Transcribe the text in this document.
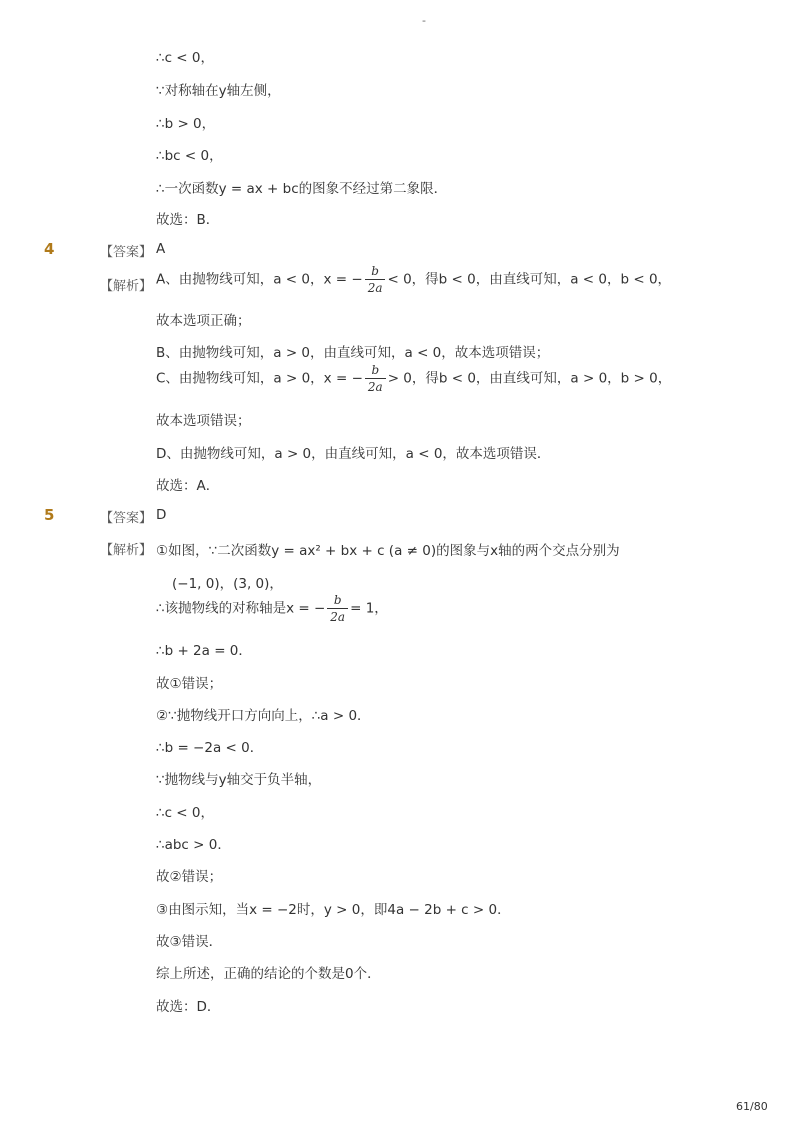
-
∴c < 0，
∵对称轴在y轴左侧，
∴b > 0，
∴bc < 0，
∴一次函数y = ax + bc的图象不经过第二象限．
故选：B．
4	【答案】 A
【解析】 A、由抛物线可知，a < 0，x = − $\frac{b}{2a} < 0$，得b < 0，由直线可知，a < 0，b < 0，
故本选项正确；
B、由抛物线可知，a > 0，由直线可知，a < 0，故本选项错误；
C、由抛物线可知，a > 0，x = − $\frac{b}{2a} > 0$，得b < 0，由直线可知，a > 0，b > 0，
故本选项错误；
D、由抛物线可知，a > 0，由直线可知，a < 0，故本选项错误．
故选：A．
5	【答案】 D
【解析】 ①如图，∵二次函数y = ax² + bx + c (a ≠ 0)的图象与x轴的两个交点分别为
(−1, 0)，(3, 0)，
∴该抛物线的对称轴是x = − $\frac{b}{2a} = 1$，
∴b + 2a = 0．
故①错误；
②∵抛物线开口方向向上，∴a > 0．
∴b = −2a < 0．
∵抛物线与y轴交于负半轴，
∴c < 0，
∴abc > 0．
故②错误；
③由图示知，当x = −2时，y > 0，即4a − 2b + c > 0．
故③错误．
综上所述，正确的结论的个数是0个．
故选：D．
61/80
